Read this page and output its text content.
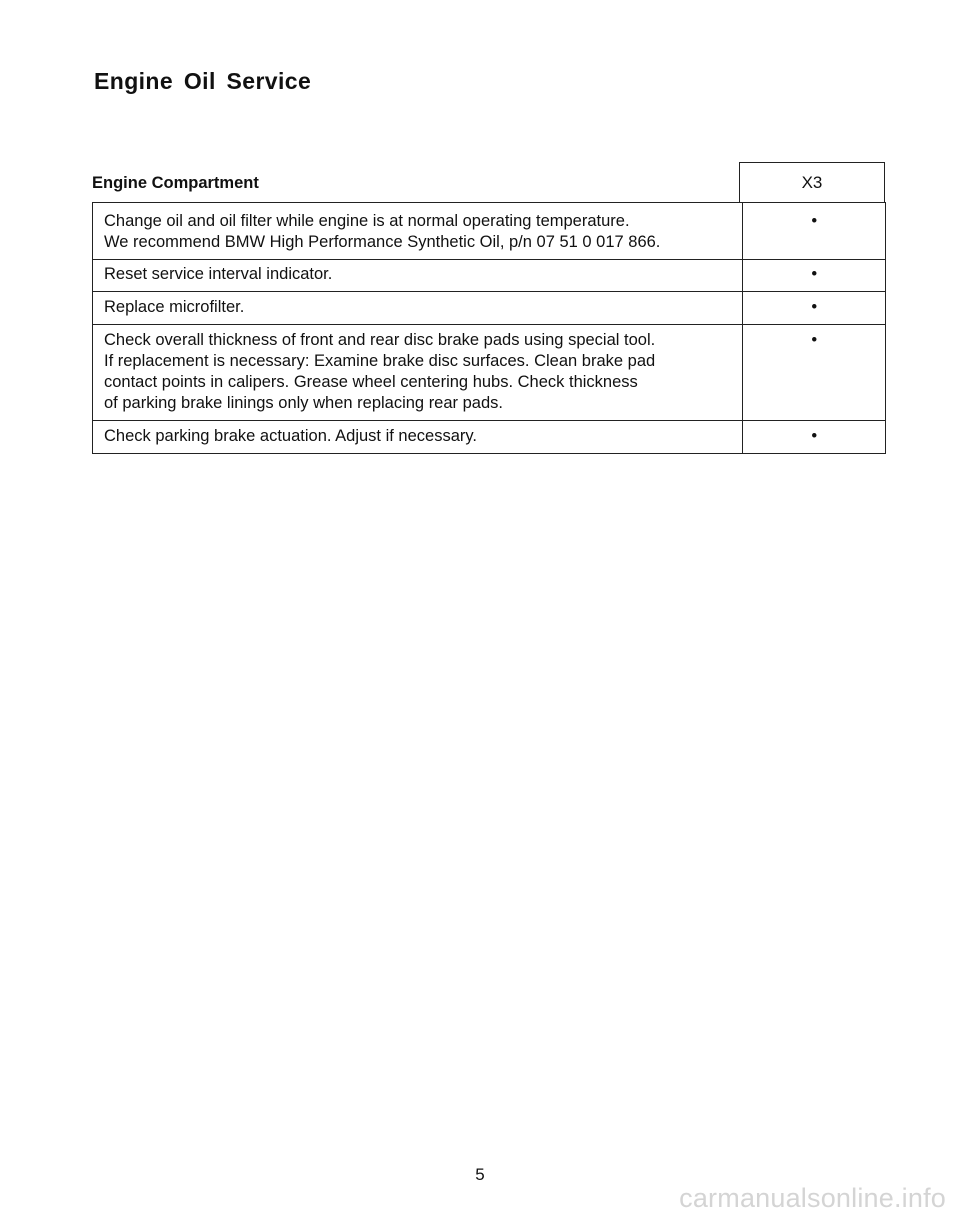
Engine Oil Service
Engine Compartment	X3
Change oil and oil filter while engine is at normal operating temperature.
We recommend BMW High Performance Synthetic Oil, p/n 07 51 0 017 866.	•
Reset service interval indicator.	•
Replace microfilter.	•
Check overall thickness of front and rear disc brake pads using special tool.
If replacement is necessary: Examine brake disc surfaces. Clean brake pad
contact points in calipers. Grease wheel centering hubs. Check thickness
of parking brake linings only when replacing rear pads.	•
Check parking brake actuation. Adjust if necessary.	•
5
carmanualsonline.info
